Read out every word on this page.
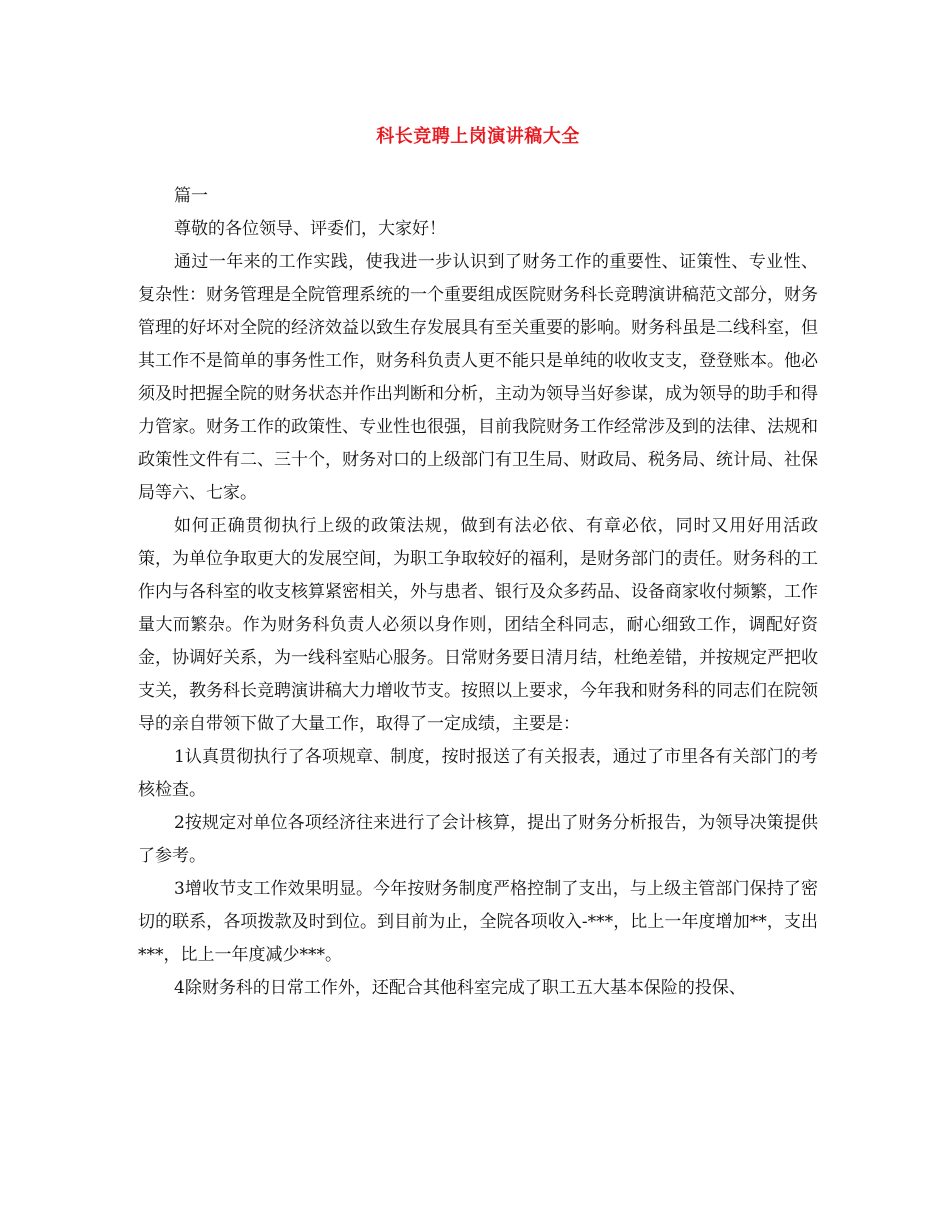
科长竞聘上岗演讲稿大全

篇一

尊敬的各位领导、评委们，大家好！

通过一年来的工作实践，使我进一步认识到了财务工作的重要性、证策性、专业性、复杂性：财务管理是全院管理系统的一个重要组成医院财务科长竞聘演讲稿范文部分，财务管理的好坏对全院的经济效益以致生存发展具有至关重要的影响。财务科虽是二线科室，但其工作不是简单的事务性工作，财务科负责人更不能只是单纯的收收支支，登登账本。他必须及时把握全院的财务状态并作出判断和分析，主动为领导当好参谋，成为领导的助手和得力管家。财务工作的政策性、专业性也很强，目前我院财务工作经常涉及到的法律、法规和政策性文件有二、三十个，财务对口的上级部门有卫生局、财政局、税务局、统计局、社保局等六、七家。

如何正确贯彻执行上级的政策法规，做到有法必依、有章必依，同时又用好用活政策，为单位争取更大的发展空间，为职工争取较好的福利，是财务部门的责任。财务科的工作内与各科室的收支核算紧密相关，外与患者、银行及众多药品、设备商家收付频繁，工作量大而繁杂。作为财务科负责人必须以身作则，团结全科同志，耐心细致工作，调配好资金，协调好关系，为一线科室贴心服务。日常财务要日清月结，杜绝差错，并按规定严把收支关，教务科长竞聘演讲稿大力增收节支。按照以上要求，今年我和财务科的同志们在院领导的亲自带领下做了大量工作，取得了一定成绩，主要是：

1认真贯彻执行了各项规章、制度，按时报送了有关报表，通过了市里各有关部门的考核检查。

2按规定对单位各项经济往来进行了会计核算，提出了财务分析报告，为领导决策提供了参考。

3增收节支工作效果明显。今年按财务制度严格控制了支出，与上级主管部门保持了密切的联系，各项拨款及时到位。到目前为止，全院各项收入-***，比上一年度增加**，支出***，比上一年度减少***。

4除财务科的日常工作外，还配合其他科室完成了职工五大基本保险的投保、
